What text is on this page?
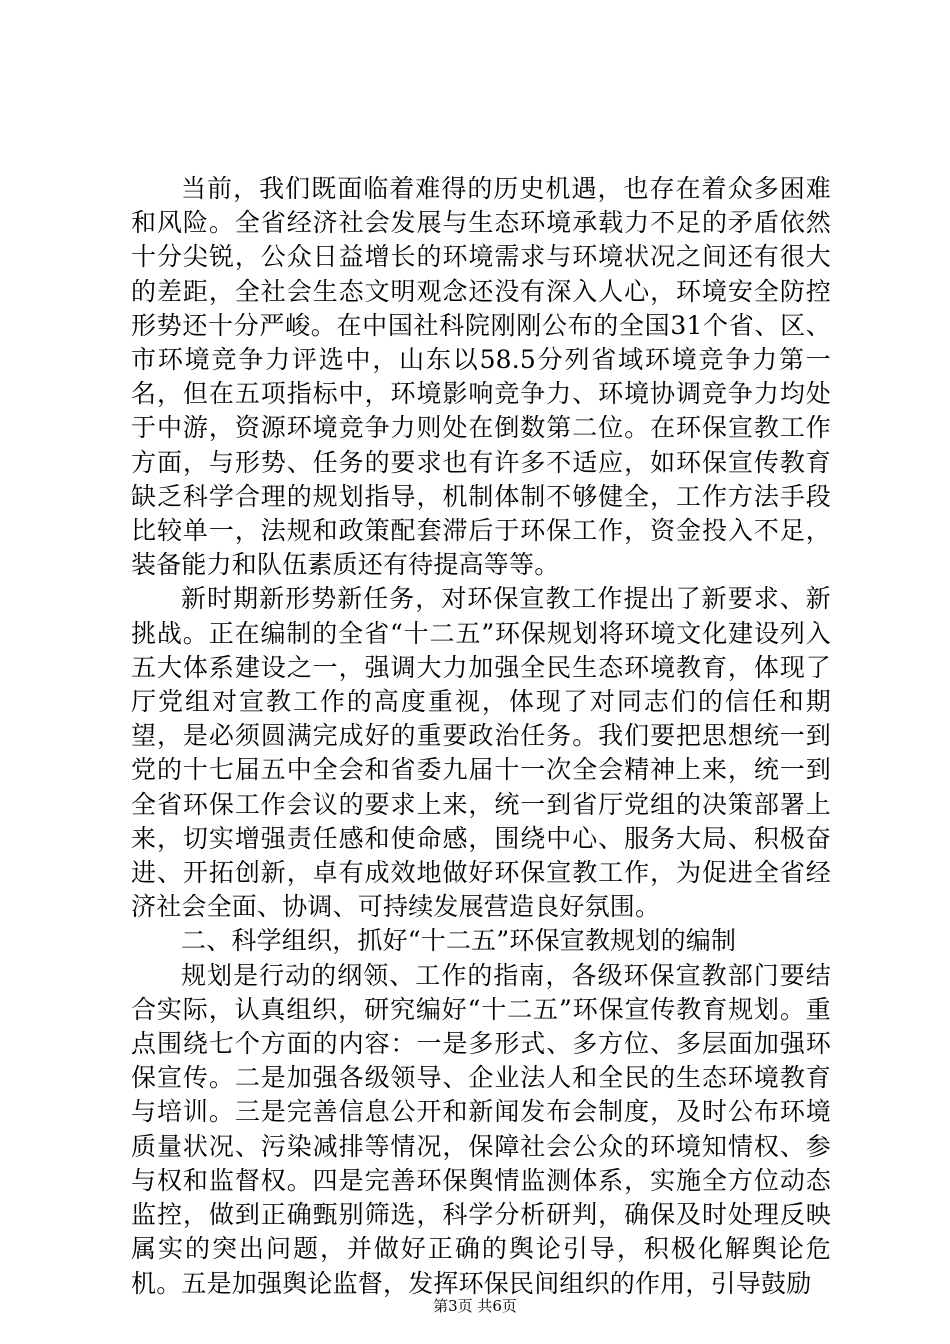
当前，我们既面临着难得的历史机遇，也存在着众多困难和风险。全省经济社会发展与生态环境承载力不足的矛盾依然十分尖锐，公众日益增长的环境需求与环境状况之间还有很大的差距，全社会生态文明观念还没有深入人心，环境安全防控形势还十分严峻。在中国社科院刚刚公布的全国31个省、区、市环境竞争力评选中，山东以58.5分列省域环境竞争力第一名，但在五项指标中，环境影响竞争力、环境协调竞争力均处于中游，资源环境竞争力则处在倒数第二位。在环保宣教工作方面，与形势、任务的要求也有许多不适应，如环保宣传教育缺乏科学合理的规划指导，机制体制不够健全，工作方法手段比较单一，法规和政策配套滞后于环保工作，资金投入不足，装备能力和队伍素质还有待提高等等。

新时期新形势新任务，对环保宣教工作提出了新要求、新挑战。正在编制的全省“十二五”环保规划将环境文化建设列入五大体系建设之一，强调大力加强全民生态环境教育，体现了厅党组对宣教工作的高度重视，体现了对同志们的信任和期望，是必须圆满完成好的重要政治任务。我们要把思想统一到党的十七届五中全会和省委九届十一次全会精神上来，统一到全省环保工作会议的要求上来，统一到省厅党组的决策部署上来，切实增强责任感和使命感，围绕中心、服务大局、积极奋进、开拓创新，卓有成效地做好环保宣教工作，为促进全省经济社会全面、协调、可持续发展营造良好氛围。

二、科学组织，抓好“十二五”环保宣教规划的编制

规划是行动的纲领、工作的指南，各级环保宣教部门要结合实际，认真组织，研究编好“十二五”环保宣传教育规划。重点围绕七个方面的内容：一是多形式、多方位、多层面加强环保宣传。二是加强各级领导、企业法人和全民的生态环境教育与培训。三是完善信息公开和新闻发布会制度，及时公布环境质量状况、污染减排等情况，保障社会公众的环境知情权、参与权和监督权。四是完善环保舆情监测体系，实施全方位动态监控，做到正确甄别筛选，科学分析研判，确保及时处理反映属实的突出问题，并做好正确的舆论引导，积极化解舆论危机。五是加强舆论监督，发挥环保民间组织的作用，引导鼓励

第3页 共6页
